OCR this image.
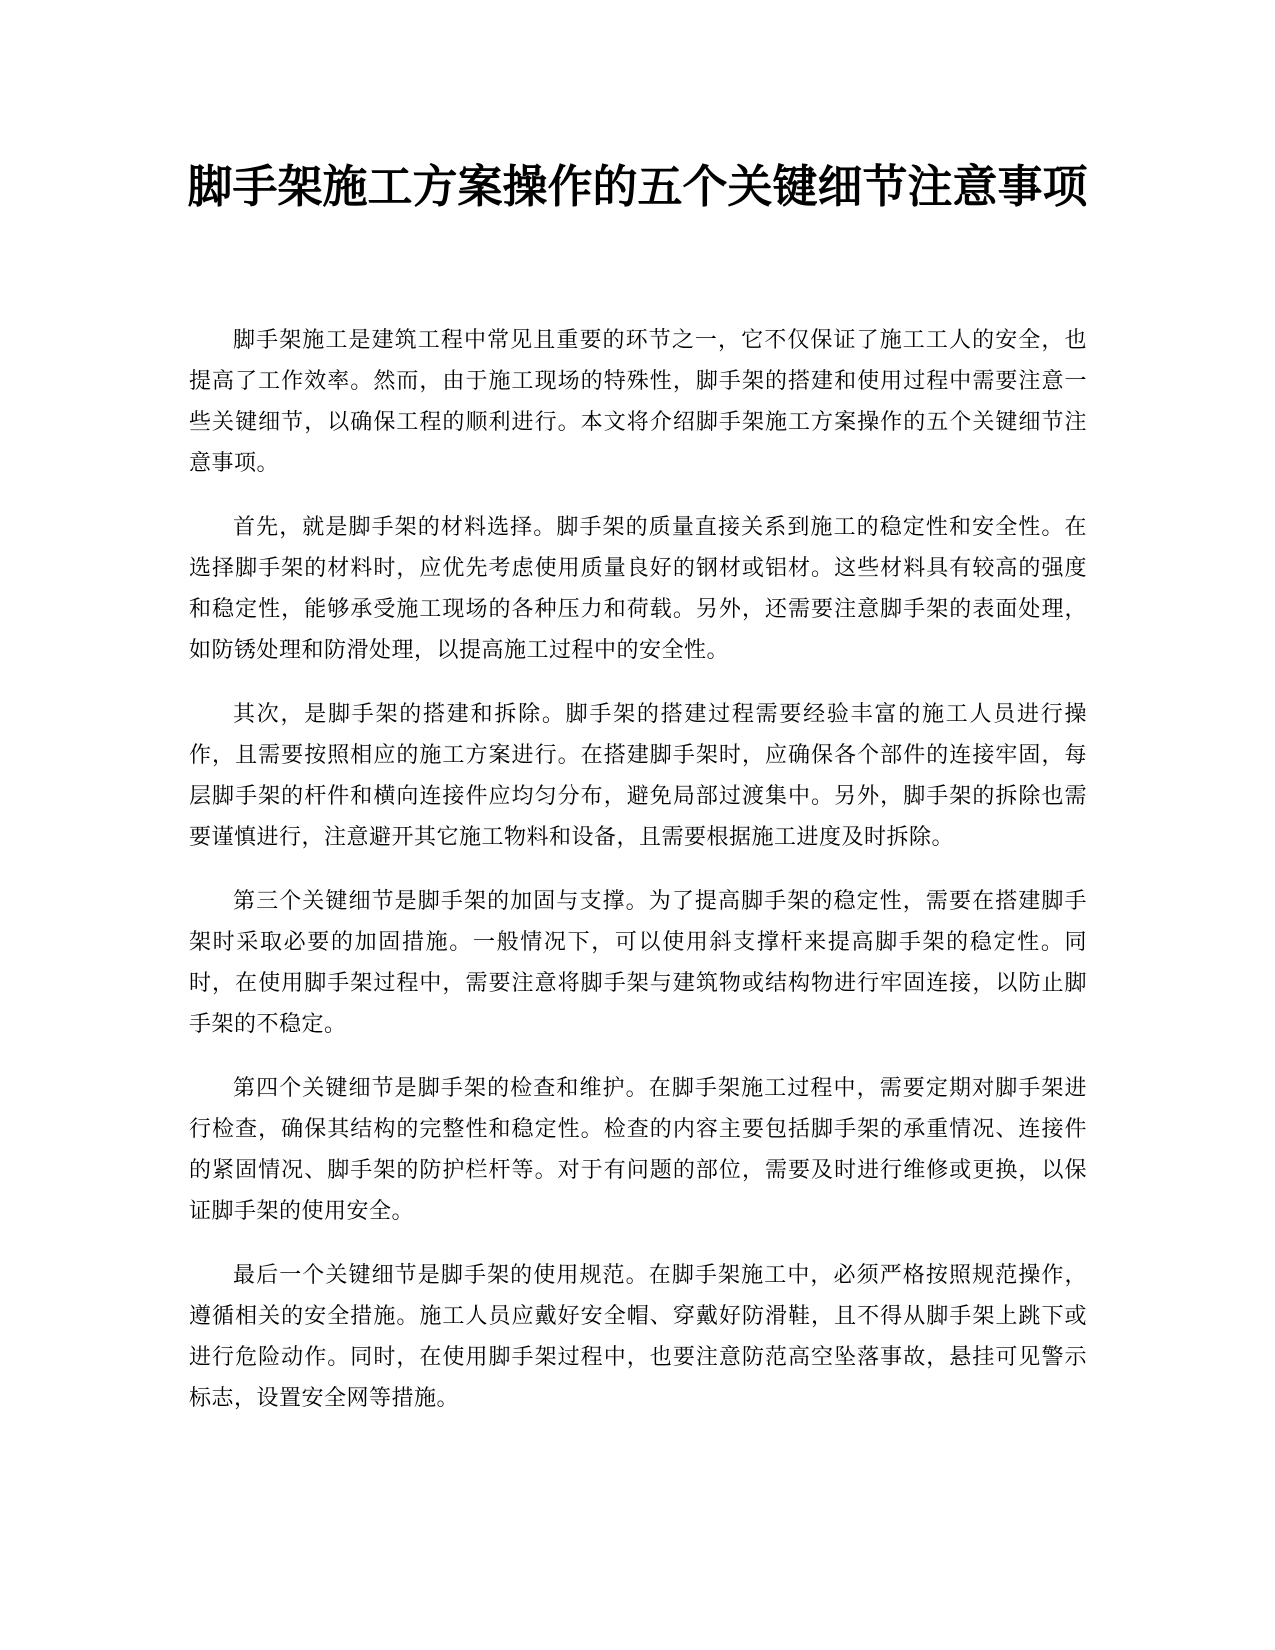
脚手架施工方案操作的五个关键细节注意事项

脚手架施工是建筑工程中常见且重要的环节之一，它不仅保证了施工工人的安全，也提高了工作效率。然而，由于施工现场的特殊性，脚手架的搭建和使用过程中需要注意一些关键细节，以确保工程的顺利进行。本文将介绍脚手架施工方案操作的五个关键细节注意事项。

首先，就是脚手架的材料选择。脚手架的质量直接关系到施工的稳定性和安全性。在选择脚手架的材料时，应优先考虑使用质量良好的钢材或铝材。这些材料具有较高的强度和稳定性，能够承受施工现场的各种压力和荷载。另外，还需要注意脚手架的表面处理，如防锈处理和防滑处理，以提高施工过程中的安全性。

其次，是脚手架的搭建和拆除。脚手架的搭建过程需要经验丰富的施工人员进行操作，且需要按照相应的施工方案进行。在搭建脚手架时，应确保各个部件的连接牢固，每层脚手架的杆件和横向连接件应均匀分布，避免局部过渡集中。另外，脚手架的拆除也需要谨慎进行，注意避开其它施工物料和设备，且需要根据施工进度及时拆除。

第三个关键细节是脚手架的加固与支撑。为了提高脚手架的稳定性，需要在搭建脚手架时采取必要的加固措施。一般情况下，可以使用斜支撑杆来提高脚手架的稳定性。同时，在使用脚手架过程中，需要注意将脚手架与建筑物或结构物进行牢固连接，以防止脚手架的不稳定。

第四个关键细节是脚手架的检查和维护。在脚手架施工过程中，需要定期对脚手架进行检查，确保其结构的完整性和稳定性。检查的内容主要包括脚手架的承重情况、连接件的紧固情况、脚手架的防护栏杆等。对于有问题的部位，需要及时进行维修或更换，以保证脚手架的使用安全。

最后一个关键细节是脚手架的使用规范。在脚手架施工中，必须严格按照规范操作，遵循相关的安全措施。施工人员应戴好安全帽、穿戴好防滑鞋，且不得从脚手架上跳下或进行危险动作。同时，在使用脚手架过程中，也要注意防范高空坠落事故，悬挂可见警示标志，设置安全网等措施。
